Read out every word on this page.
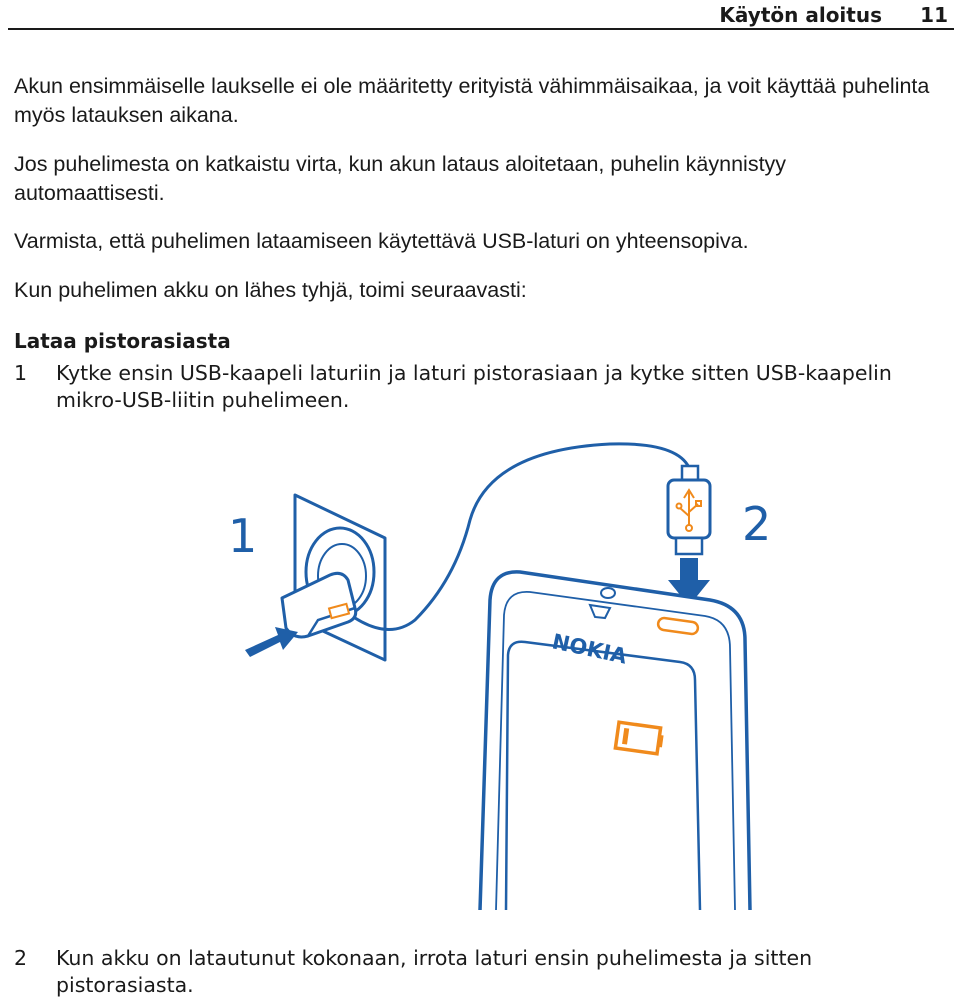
Käytön aloitus 11

Akun ensimmäiselle laukselle ei ole määritetty erityistä vähimmäisaikaa, ja voit käyttää puhelinta myös latauksen aikana.

Jos puhelimesta on katkaistu virta, kun akun lataus aloitetaan, puhelin käynnistyy automaattisesti.

Varmista, että puhelimen lataamiseen käytettävä USB-laturi on yhteensopiva.

Kun puhelimen akku on lähes tyhjä, toimi seuraavasti:

Lataa pistorasiasta
1 Kytke ensin USB-kaapeli laturiin ja laturi pistorasiaan ja kytke sitten USB-kaapelin mikro-USB-liitin puhelimeen.
1	2
NOKIA
2 Kun akku on latautunut kokonaan, irrota laturi ensin puhelimesta ja sitten pistorasiasta.
